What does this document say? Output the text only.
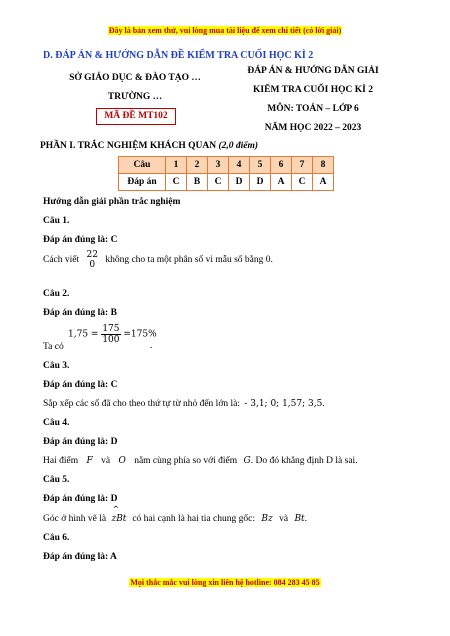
Đây là bản xem thử, vui lòng mua tài liệu để xem chi tiết (có lời giải)
D. ĐÁP ÁN & HƯỚNG DẪN ĐỀ KIỂM TRA CUỐI HỌC KÌ 2
SỞ GIÁO DỤC & ĐÀO TẠO …
TRƯỜNG …
MÃ ĐỀ MT102
ĐÁP ÁN & HƯỚNG DẪN GIẢI
KIỂM TRA CUỐI HỌC KÌ 2
MÔN: TOÁN – LỚP 6
NĂM HỌC 2022 – 2023
PHẦN I. TRẮC NGHIỆM KHÁCH QUAN (2,0 điểm)
Câu	1	2	3	4	5	6	7	8
Đáp án	C	B	C	D	D	A	C	A
Hướng dẫn giải phần trắc nghiệm
Câu 1.
Đáp án đúng là: C
Cách viết 22
0	không cho ta một phân số vì mẫu số bằng 0.
Câu 2.
Đáp án đúng là: B
$1,75 = \frac{175}{100} =175\%$
Ta có	.
Câu 3.
Đáp án đúng là: C
Sắp xếp các số đã cho theo thứ tự từ nhỏ đến lớn là: - 3,1; 0; 1,57; 3,5.
Câu 4.
Đáp án đúng là: D
Hai điểm F và O nằm cùng phía so với điểm G. Do đó khẳng định D là sai.
Câu 5.
Đáp án đúng là: D
Góc ở hình vẽ là
^
zBt có hai cạnh là hai tia chung gốc: Bz và Bt.
Câu 6.
Đáp án đúng là: A
Mọi thắc mắc vui lòng xin liên hệ hotline: 084 283 45 85
